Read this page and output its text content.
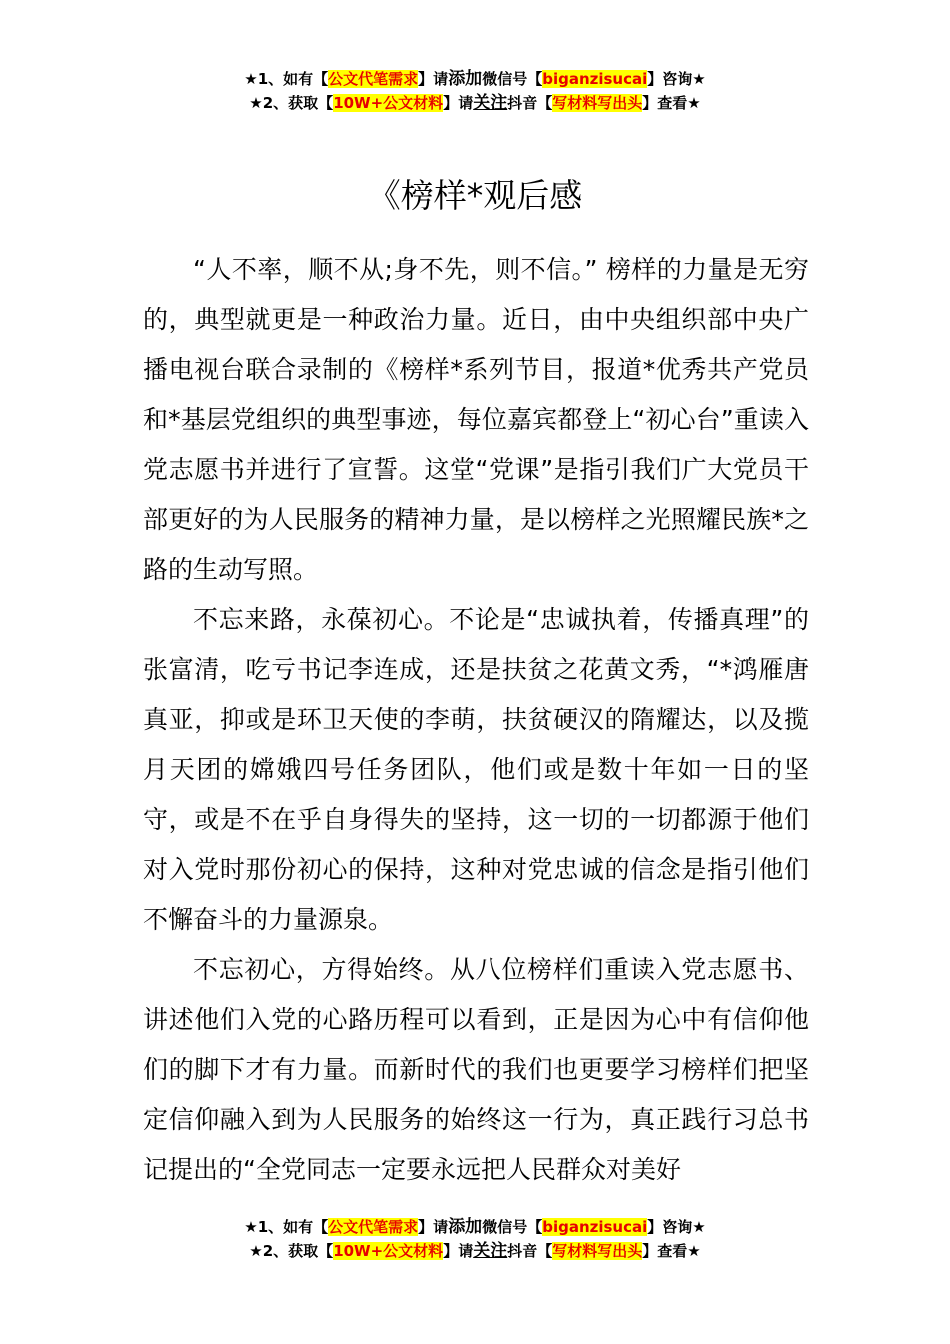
★1、如有【公文代笔需求】请添加微信号【biganzisucai】咨询★
★2、获取【10W+公文材料】请关注抖音【写材料写出头】查看★
《榜样*观后感

“人不率，顺不从;身不先，则不信。” 榜样的力量是无穷的，典型就更是一种政治力量。近日，由中央组织部中央广播电视台联合录制的《榜样*系列节目，报道*优秀共产党员和*基层党组织的典型事迹，每位嘉宾都登上“初心台”重读入党志愿书并进行了宣誓。这堂“党课”是指引我们广大党员干部更好的为人民服务的精神力量，是以榜样之光照耀民族*之路的生动写照。

不忘来路，永葆初心。不论是“忠诚执着，传播真理”的张富清，吃亏书记李连成，还是扶贫之花黄文秀，“*鸿雁唐真亚，抑或是环卫天使的李萌，扶贫硬汉的隋耀达，以及揽月天团的嫦娥四号任务团队，他们或是数十年如一日的坚守，或是不在乎自身得失的坚持，这一切的一切都源于他们对入党时那份初心的保持，这种对党忠诚的信念是指引他们不懈奋斗的力量源泉。

不忘初心，方得始终。从八位榜样们重读入党志愿书、讲述他们入党的心路历程可以看到，正是因为心中有信仰他们的脚下才有力量。而新时代的我们也更要学习榜样们把坚定信仰融入到为人民服务的始终这一行为，真正践行习总书记提出的“全党同志一定要永远把人民群众对美好

★1、如有【公文代笔需求】请添加微信号【biganzisucai】咨询★
★2、获取【10W+公文材料】请关注抖音【写材料写出头】查看★
